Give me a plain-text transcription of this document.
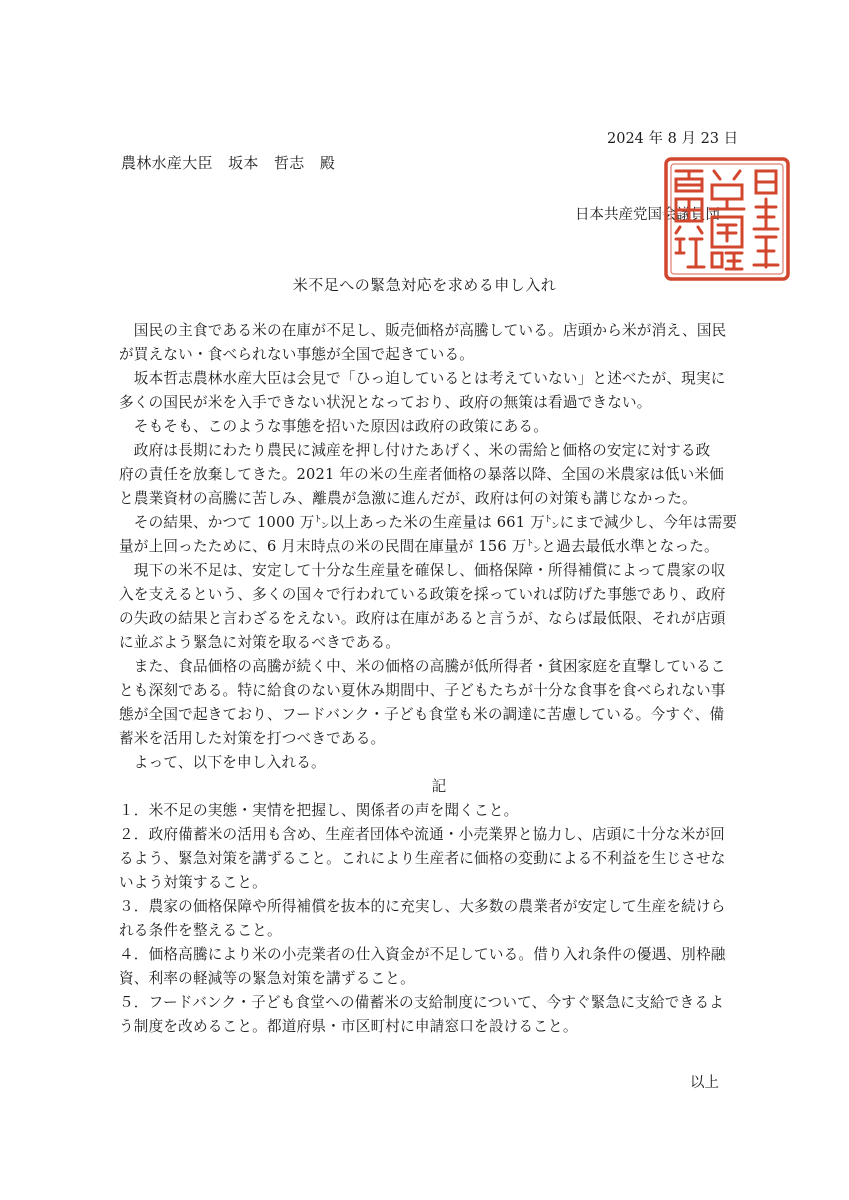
2024 年 8 月 23 日
農林水産大臣　坂本　哲志　殿
日本共産党国会議員団
米不足への緊急対応を求める申し入れ
　国民の主食である米の在庫が不足し、販売価格が高騰している。店頭から米が消え、国民
が買えない・食べられない事態が全国で起きている。
　坂本哲志農林水産大臣は会見で「ひっ迫しているとは考えていない」と述べたが、現実に
多くの国民が米を入手できない状況となっており、政府の無策は看過できない。
　そもそも、このような事態を招いた原因は政府の政策にある。
　政府は長期にわたり農民に減産を押し付けたあげく、米の需給と価格の安定に対する政
府の責任を放棄してきた。2021 年の米の生産者価格の暴落以降、全国の米農家は低い米価
と農業資材の高騰に苦しみ、離農が急激に進んだが、政府は何の対策も講じなかった。
　その結果、かつて 1000 万㌧以上あった米の生産量は 661 万㌧にまで減少し、今年は需要
量が上回ったために、6 月末時点の米の民間在庫量が 156 万㌧と過去最低水準となった。
　現下の米不足は、安定して十分な生産量を確保し、価格保障・所得補償によって農家の収
入を支えるという、多くの国々で行われている政策を採っていれば防げた事態であり、政府
の失政の結果と言わざるをえない。政府は在庫があると言うが、ならば最低限、それが店頭
に並ぶよう緊急に対策を取るべきである。
　また、食品価格の高騰が続く中、米の価格の高騰が低所得者・貧困家庭を直撃しているこ
とも深刻である。特に給食のない夏休み期間中、子どもたちが十分な食事を食べられない事
態が全国で起きており、フードバンク・子ども食堂も米の調達に苦慮している。今すぐ、備
蓄米を活用した対策を打つべきである。
　よって、以下を申し入れる。
記
１．米不足の実態・実情を把握し、関係者の声を聞くこと。
２．政府備蓄米の活用も含め、生産者団体や流通・小売業界と協力し、店頭に十分な米が回
るよう、緊急対策を講ずること。これにより生産者に価格の変動による不利益を生じさせな
いよう対策すること。
３．農家の価格保障や所得補償を抜本的に充実し、大多数の農業者が安定して生産を続けら
れる条件を整えること。
４．価格高騰により米の小売業者の仕入資金が不足している。借り入れ条件の優遇、別枠融
資、利率の軽減等の緊急対策を講ずること。
５．フードバンク・子ども食堂への備蓄米の支給制度について、今すぐ緊急に支給できるよ
う制度を改めること。都道府県・市区町村に申請窓口を設けること。
以上
